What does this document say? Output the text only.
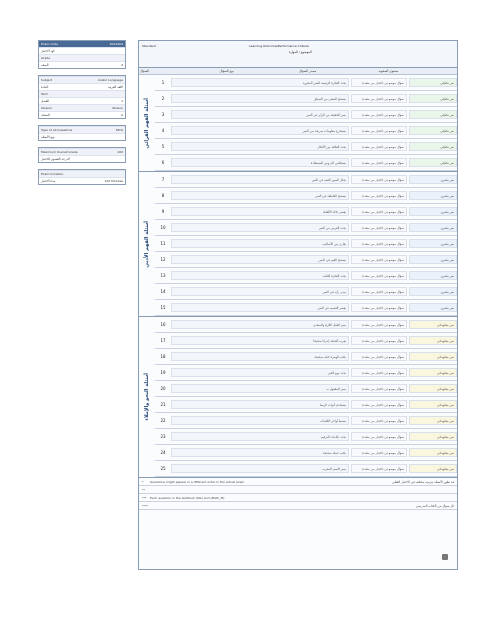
Exam Code	2021064
كود الاختبار
Grade
الصف	4
Subject	Arabic Language
المادة	اللغة العربية
Term
الفصل	1
Version	Version
النسخة	A
Type of All Questions	MCQ
نوع الأسئلة
Maximum Overall Grade	100
الدرجة القصوى للاختبار
Exam Duration
مدة الاختبار	120 Minutes
Standard	Learning Outcome/Performance Criteria
الموضوع / المهارة
السؤال	نوع السؤال	مصدر السؤال	مستوى الصعوبة
أسئلة الفهم القرائي
1	يحدد الفكرة الرئيسة للنص المقروء	سؤال موضوعي (اختيار من متعدد)	نص تحليلي
2	يستنتج المعنى من السياق	سؤال موضوعي (اختيار من متعدد)	نص تحليلي
3	يميز الحقيقة من الرأي في النص	سؤال موضوعي (اختيار من متعدد)	نص تحليلي
4	يستخرج معلومات صريحة من النص	سؤال موضوعي (اختيار من متعدد)	نص تحليلي
5	يحدد العلاقة بين الأفكار	سؤال موضوعي (اختيار من متعدد)	نص تحليلي
6	يستخلص الدروس المستفادة	سؤال موضوعي (اختيار من متعدد)	نص تحليلي
أسئلة الفهم الأدبي
7	يحلل الصور الفنية في النص	سؤال موضوعي (اختيار من متعدد)	نص شعري
8	يستنتج العاطفة في النص	سؤال موضوعي (اختيار من متعدد)	نص شعري
9	يفسر دلالة الألفاظ	سؤال موضوعي (اختيار من متعدد)	نص شعري
10	يحدد الغرض من النص	سؤال موضوعي (اختيار من متعدد)	نص شعري
11	يقارن بين الأساليب	سؤال موضوعي (اختيار من متعدد)	نص شعري
12	يستنتج القيم في النص	سؤال موضوعي (اختيار من متعدد)	نص شعري
13	يحدد الفكرة العامة	سؤال موضوعي (اختيار من متعدد)	نص شعري
14	يبدي رأيه في النص	سؤال موضوعي (اختيار من متعدد)	نص شعري
15	يفسر التشبيه في النص	سؤال موضوعي (اختيار من متعدد)	نص شعري
أسئلة النحو والإملاء
16	يميز الفعل اللازم والمتعدي	سؤال موضوعي (اختيار من متعدد)	نص معلوماتي
17	يعرب الجملة إعرابا صحيحا	سؤال موضوعي (اختيار من متعدد)	نص معلوماتي
18	يكتب الهمزة كتابة صحيحة	سؤال موضوعي (اختيار من متعدد)	نص معلوماتي
19	يحدد نوع الخبر	سؤال موضوعي (اختيار من متعدد)	نص معلوماتي
20	يميز المفعول به	سؤال موضوعي (اختيار من متعدد)	نص معلوماتي
21	يستخدم أدوات الربط	سؤال موضوعي (اختيار من متعدد)	نص معلوماتي
22	يضبط أواخر الكلمات	سؤال موضوعي (اختيار من متعدد)	نص معلوماتي
23	يحدد علامات الترقيم	سؤال موضوعي (اختيار من متعدد)	نص معلوماتي
24	يكتب جملة صحيحة	سؤال موضوعي (اختيار من متعدد)	نص معلوماتي
25	يميز الاسم المعرب	سؤال موضوعي (اختيار من متعدد)	نص معلوماتي
*	Questions might appear in a different order in the actual exam	قد تظهر الأسئلة بترتيب مختلف في الاختبار الفعلي
**
***	Each question in the textbook (MA) and (Math_M)
****	كل سؤال من الكتاب المدرسي
